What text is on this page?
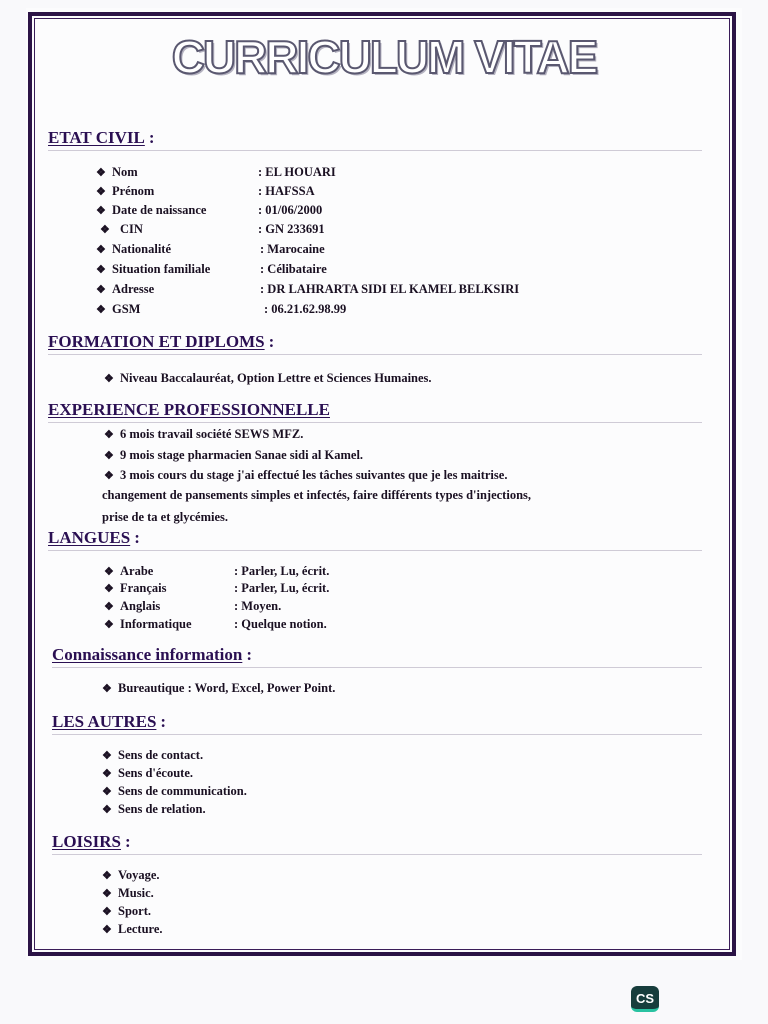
CURRICULUM VITAE
ETAT CIVIL :
❖ Nom	: EL HOUARI
❖ Prénom	: HAFSSA
❖ Date de naissance	: 01/06/2000
❖ CIN	: GN 233691
❖ Nationalité	: Marocaine
❖ Situation familiale	: Célibataire
❖ Adresse	: DR LAHRARTA SIDI EL KAMEL BELKSIRI
❖ GSM	: 06.21.62.98.99
FORMATION ET DIPLOMS :
❖ Niveau Baccalauréat, Option Lettre et Sciences Humaines.
EXPERIENCE PROFESSIONNELLE
❖ 6 mois travail société SEWS MFZ.
❖ 9 mois stage pharmacien Sanae sidi al Kamel.
❖ 3 mois cours du stage j'ai effectué les tâches suivantes que je les maitrise.
changement de pansements simples et infectés, faire différents types d'injections,
prise de ta et glycémies.
LANGUES :
❖ Arabe	: Parler, Lu, écrit.
❖ Français	: Parler, Lu, écrit.
❖ Anglais	: Moyen.
❖ Informatique	: Quelque notion.
Connaissance information :
❖ Bureautique : Word, Excel, Power Point.
LES AUTRES :
❖ Sens de contact.
❖ Sens d'écoute.
❖ Sens de communication.
❖ Sens de relation.
LOISIRS :
❖ Voyage.
❖ Music.
❖ Sport.
❖ Lecture.
CS
